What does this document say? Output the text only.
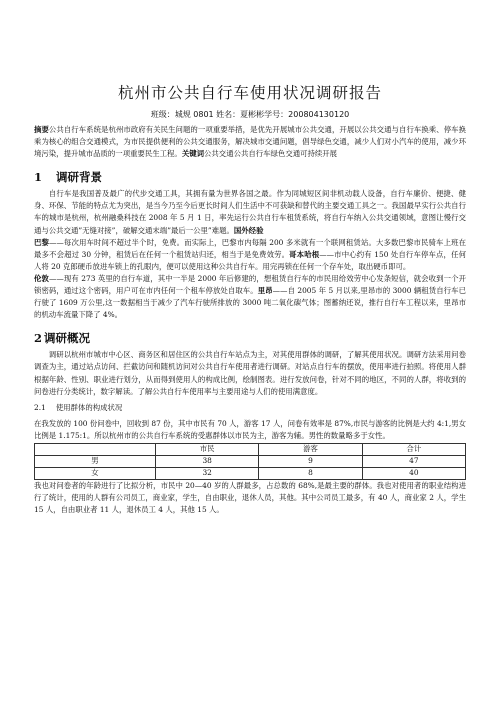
杭州市公共自行车使用状况调研报告
班级：城规 0801 姓名：夏彬彬学号：200804130120

摘要公共自行车系统是杭州市政府有关民生问题的一项重要举措，是优先开展城市公共交通，开展以公共交通与自行车换乘、停车换乘为核心的组合交通模式，为市民提供便利的公共交通服务，解决城市交通问题，倡导绿色交通，减少人们对小汽车的使用，减少环境污染，提升城市品质的一项重要民生工程。关键词公共交通公共自行车绿色交通可持续开展

1 调研背景

自行车是我国普及最广的代步交通工具，其拥有量为世界各国之最。作为同城短区间非机动载人设备，自行车廉价、便捷、健身、环保、节能的特点尤为突出，是当今乃至今后更长时间人们生活中不可获缺和替代的主要交通工具之一。我国最早实行公共自行车的城市是杭州，杭州融桑科技在 2008 年 5 月 1 日，率先运行公共自行车租赁系统，将自行车纳入公共交通领域，意图让慢行交通与公共交通”无缝对接”，破解交通末端”最后一公里”难题。国外经验

巴黎——每次用车时间不超过半个时，免费。而实际上，巴黎市内每隔 200 多米就有一个联网租赁站。大多数巴黎市民骑车上班在最多不会超过 30 分钟，租赁后在任何一个租赁站归还，相当于是免费效劳。哥本哈根——市中心约有 150 处自行车停车点，任何人将 20 克郎硬币放进车锁上的孔眼内，便可以使用这种公共自行车。用完再锁在任何一个存车处，取出硬币即可。

伦敦——现有 273 英里的自行车道，其中一半是 2000 年后修建的，想租赁自行车的市民用给效劳中心发条短信，就会收到一个开锁密码，通过这个密码，用户可在市内任何一个租车停放处自取车。里昂——自 2005 年 5 月以来,里昂市的 3000 辆租赁自行车已行驶了 1609 万公里,这一数据相当于减少了汽车行驶所排放的 3000 吨二氧化碳气体；图蓄纳还说，推行自行车工程以来，里昂市的机动车流量下降了 4%。

2 调研概况

调研以杭州市城市中心区、商务区和居住区的公共自行车站点为主，对其使用群体的调研，了解其使用状况。调研方法采用问卷调查为主，通过站点访问、拦截访问和随机访问对公共自行车使用者进行调研。对站点自行车的摆放，使用率进行拍照。将使用人群根据年龄、性别、职业进行划分，从而得到使用人的构成比例，绘制图表。进行发放问卷，针对不同的地区，不同的人群，将收到的问卷进行分类统计，数字解读。了解公共自行车使用率与主要用途与人们的使用满意度。

2.1 使用群体的构成状况

在我发放的 100 份问卷中，回收到 87 份，其中市民有 70 人，游客 17 人，问卷有效率是 87%,市民与游客的比例是大约 4:1,男女比例是 1.175:1。所以杭州市的公共自行车系统的受惠群体以市民为主，游客为辅。男性的数量略多于女性。

	市民	游客	合计
男	38	9	47
女	32	8	40

我也对问卷者的年龄进行了比拟分析，市民中 20—40 岁的人群最多，占总数的 68%,是最主要的群体。我也对使用者的职业结构进行了统计，使用的人群有公司员工，商业家，学生，自由职业，退休人员，其他。其中公司员工最多，有 40 人，商业家 2 人，学生 15 人，自由职业者 11 人，退休员工 4 人，其他 15 人。
